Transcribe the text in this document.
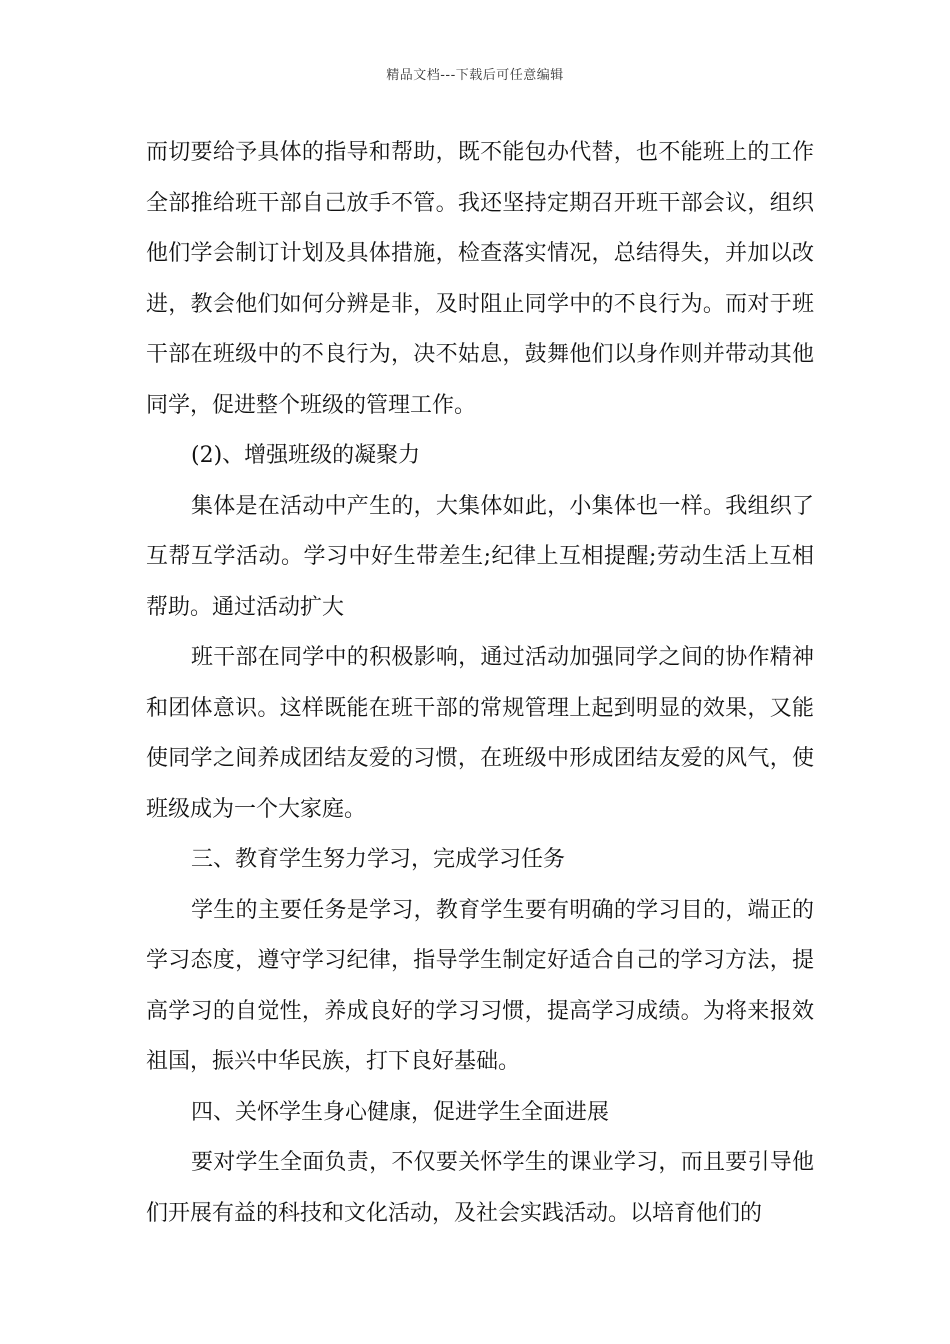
精品文档---下载后可任意编辑

而切要给予具体的指导和帮助，既不能包办代替，也不能班上的工作全部推给班干部自己放手不管。我还坚持定期召开班干部会议，组织他们学会制订计划及具体措施，检查落实情况，总结得失，并加以改进，教会他们如何分辨是非，及时阻止同学中的不良行为。而对于班干部在班级中的不良行为，决不姑息，鼓舞他们以身作则并带动其他同学，促进整个班级的管理工作。

(2)、增强班级的凝聚力

集体是在活动中产生的，大集体如此，小集体也一样。我组织了互帮互学活动。学习中好生带差生;纪律上互相提醒;劳动生活上互相帮助。通过活动扩大

班干部在同学中的积极影响，通过活动加强同学之间的协作精神和团体意识。这样既能在班干部的常规管理上起到明显的效果，又能使同学之间养成团结友爱的习惯，在班级中形成团结友爱的风气，使班级成为一个大家庭。

三、教育学生努力学习，完成学习任务

学生的主要任务是学习，教育学生要有明确的学习目的，端正的学习态度，遵守学习纪律，指导学生制定好适合自己的学习方法，提高学习的自觉性，养成良好的学习习惯，提高学习成绩。为将来报效祖国，振兴中华民族，打下良好基础。

四、关怀学生身心健康，促进学生全面进展

要对学生全面负责，不仅要关怀学生的课业学习，而且要引导他们开展有益的科技和文化活动，及社会实践活动。以培育他们的
